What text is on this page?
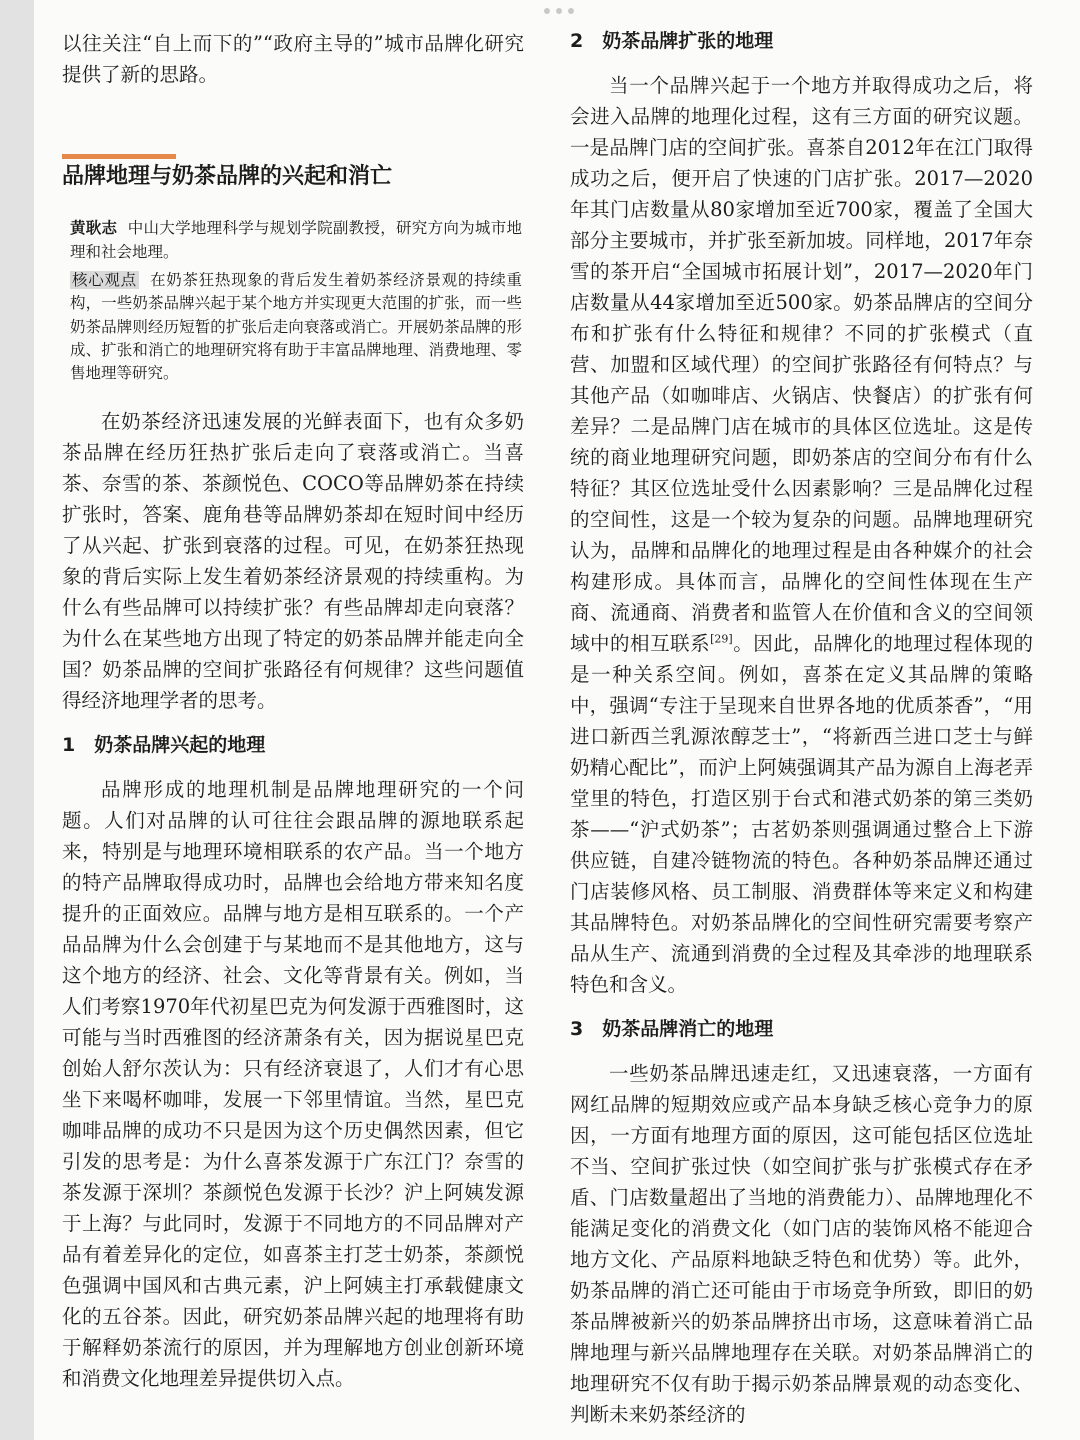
以往关注“自上而下的”“政府主导的”城市品牌化研究提供了新的思路。

品牌地理与奶茶品牌的兴起和消亡

黄耿志 中山大学地理科学与规划学院副教授，研究方向为城市地理和社会地理。

核心观点 在奶茶狂热现象的背后发生着奶茶经济景观的持续重构，一些奶茶品牌兴起于某个地方并实现更大范围的扩张，而一些奶茶品牌则经历短暂的扩张后走向衰落或消亡。开展奶茶品牌的形成、扩张和消亡的地理研究将有助于丰富品牌地理、消费地理、零售地理等研究。

在奶茶经济迅速发展的光鲜表面下，也有众多奶茶品牌在经历狂热扩张后走向了衰落或消亡。当喜茶、奈雪的茶、茶颜悦色、COCO等品牌奶茶在持续扩张时，答案、鹿角巷等品牌奶茶却在短时间中经历了从兴起、扩张到衰落的过程。可见，在奶茶狂热现象的背后实际上发生着奶茶经济景观的持续重构。为什么有些品牌可以持续扩张？有些品牌却走向衰落？为什么在某些地方出现了特定的奶茶品牌并能走向全国？奶茶品牌的空间扩张路径有何规律？这些问题值得经济地理学者的思考。

1　奶茶品牌兴起的地理

品牌形成的地理机制是品牌地理研究的一个问题。人们对品牌的认可往往会跟品牌的源地联系起来，特别是与地理环境相联系的农产品。当一个地方的特产品牌取得成功时，品牌也会给地方带来知名度提升的正面效应。品牌与地方是相互联系的。一个产品品牌为什么会创建于与某地而不是其他地方，这与这个地方的经济、社会、文化等背景有关。例如，当人们考察1970年代初星巴克为何发源于西雅图时，这可能与当时西雅图的经济萧条有关，因为据说星巴克创始人舒尔茨认为：只有经济衰退了，人们才有心思坐下来喝杯咖啡，发展一下邻里情谊。当然，星巴克咖啡品牌的成功不只是因为这个历史偶然因素，但它引发的思考是：为什么喜茶发源于广东江门？奈雪的茶发源于深圳？茶颜悦色发源于长沙？沪上阿姨发源于上海？与此同时，发源于不同地方的不同品牌对产品有着差异化的定位，如喜茶主打芝士奶茶，茶颜悦色强调中国风和古典元素，沪上阿姨主打承载健康文化的五谷茶。因此，研究奶茶品牌兴起的地理将有助于解释奶茶流行的原因，并为理解地方创业创新环境和消费文化地理差异提供切入点。

2　奶茶品牌扩张的地理

当一个品牌兴起于一个地方并取得成功之后，将会进入品牌的地理化过程，这有三方面的研究议题。一是品牌门店的空间扩张。喜茶自2012年在江门取得成功之后，便开启了快速的门店扩张。2017—2020年其门店数量从80家增加至近700家，覆盖了全国大部分主要城市，并扩张至新加坡。同样地，2017年奈雪的茶开启“全国城市拓展计划”，2017—2020年门店数量从44家增加至近500家。奶茶品牌店的空间分布和扩张有什么特征和规律？不同的扩张模式（直营、加盟和区域代理）的空间扩张路径有何特点？与其他产品（如咖啡店、火锅店、快餐店）的扩张有何差异？二是品牌门店在城市的具体区位选址。这是传统的商业地理研究问题，即奶茶店的空间分布有什么特征？其区位选址受什么因素影响？三是品牌化过程的空间性，这是一个较为复杂的问题。品牌地理研究认为，品牌和品牌化的地理过程是由各种媒介的社会构建形成。具体而言，品牌化的空间性体现在生产商、流通商、消费者和监管人在价值和含义的空间领域中的相互联系[29]。因此，品牌化的地理过程体现的是一种关系空间。例如，喜茶在定义其品牌的策略中，强调“专注于呈现来自世界各地的优质茶香”，“用进口新西兰乳源浓醇芝士”，“将新西兰进口芝士与鲜奶精心配比”，而沪上阿姨强调其产品为源自上海老弄堂里的特色，打造区别于台式和港式奶茶的第三类奶茶——“沪式奶茶”；古茗奶茶则强调通过整合上下游供应链，自建冷链物流的特色。各种奶茶品牌还通过门店装修风格、员工制服、消费群体等来定义和构建其品牌特色。对奶茶品牌化的空间性研究需要考察产品从生产、流通到消费的全过程及其牵涉的地理联系特色和含义。

3　奶茶品牌消亡的地理

一些奶茶品牌迅速走红，又迅速衰落，一方面有网红品牌的短期效应或产品本身缺乏核心竞争力的原因，一方面有地理方面的原因，这可能包括区位选址不当、空间扩张过快（如空间扩张与扩张模式存在矛盾、门店数量超出了当地的消费能力）、品牌地理化不能满足变化的消费文化（如门店的装饰风格不能迎合地方文化、产品原料地缺乏特色和优势）等。此外，奶茶品牌的消亡还可能由于市场竞争所致，即旧的奶茶品牌被新兴的奶茶品牌挤出市场，这意味着消亡品牌地理与新兴品牌地理存在关联。对奶茶品牌消亡的地理研究不仅有助于揭示奶茶品牌景观的动态变化、判断未来奶茶经济的
